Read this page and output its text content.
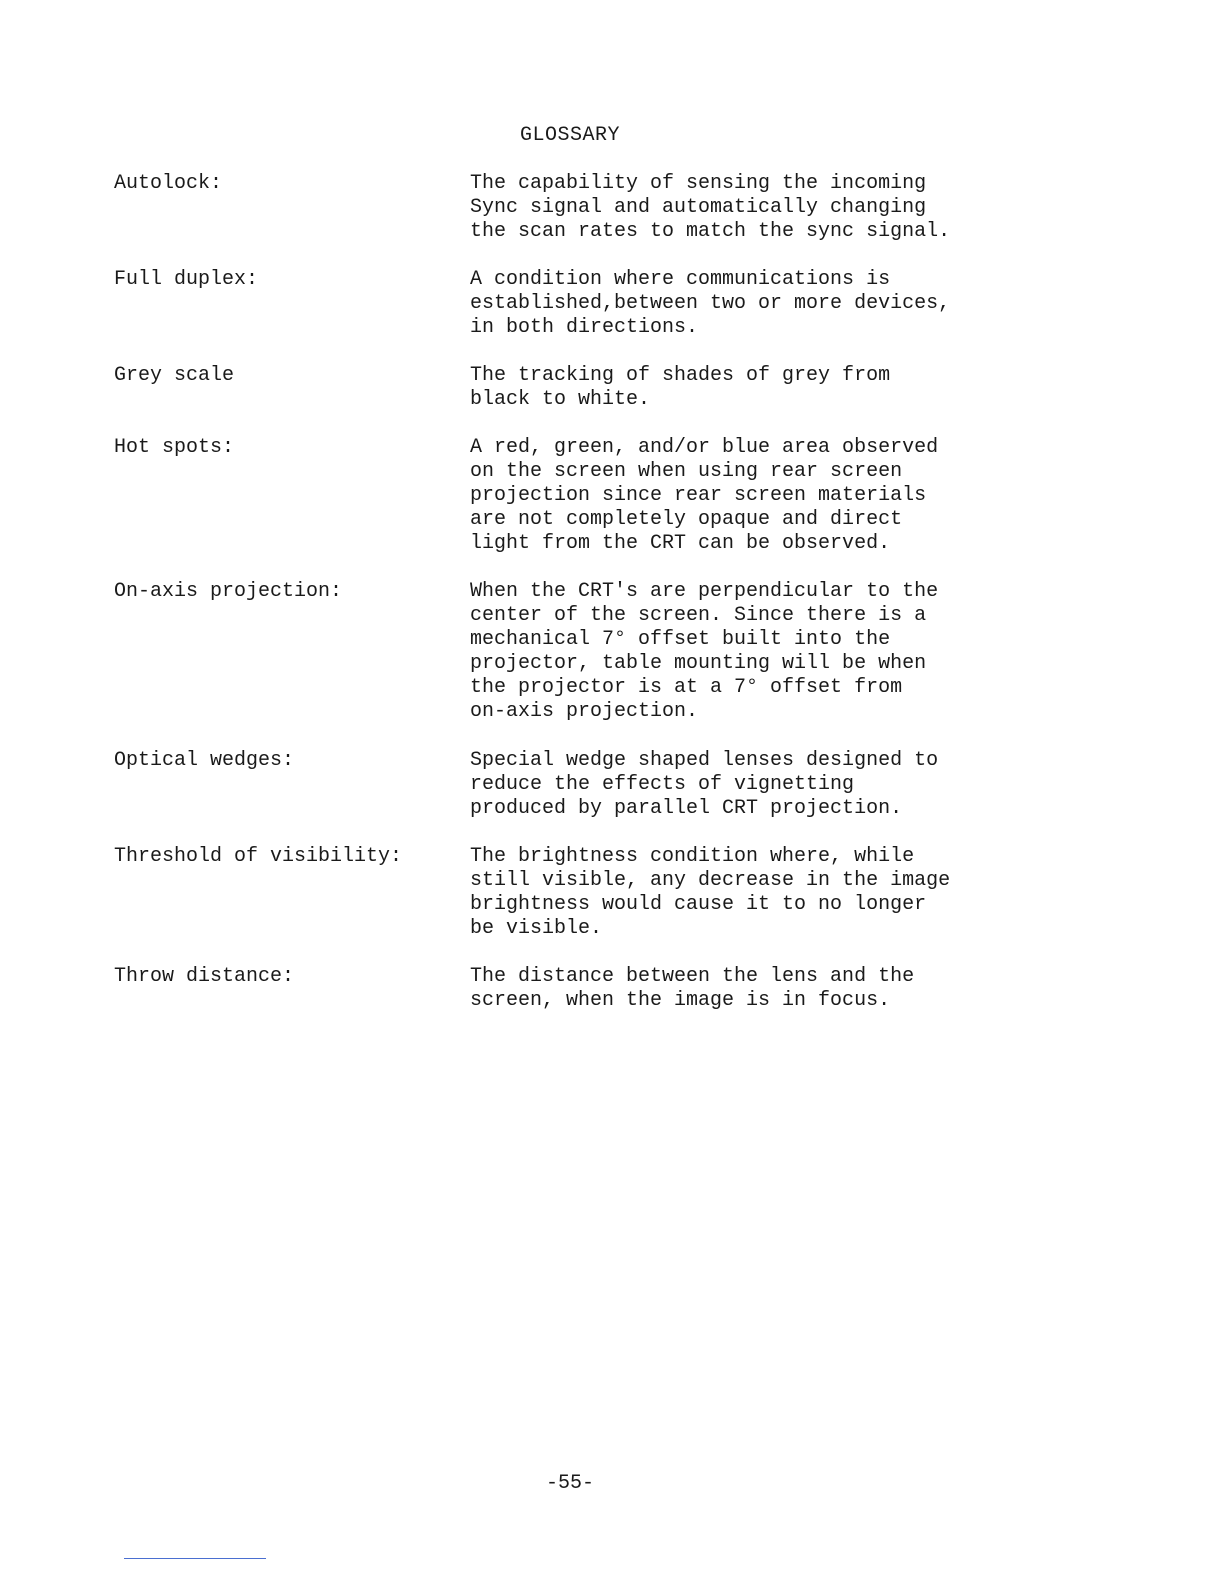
GLOSSARY
Autolock:	The capability of sensing the incoming
Sync signal and automatically changing
the scan rates to match the sync signal.

Full duplex:	A condition where communications is
established,between two or more devices,
in both directions.

Grey scale	The tracking of shades of grey from
black to white.

Hot spots:	A red, green, and/or blue area observed
on the screen when using rear screen
projection since rear screen materials
are not completely opaque and direct
light from the CRT can be observed.

On-axis projection:	When the CRT's are perpendicular to the
center of the screen. Since there is a
mechanical 7° offset built into the
projector, table mounting will be when
the projector is at a 7° offset from
on-axis projection.

Optical wedges:	Special wedge shaped lenses designed to
reduce the effects of vignetting
produced by parallel CRT projection.

Threshold of visibility:	The brightness condition where, while
still visible, any decrease in the image
brightness would cause it to no longer
be visible.

Throw distance:	The distance between the lens and the
screen, when the image is in focus.

-55-
